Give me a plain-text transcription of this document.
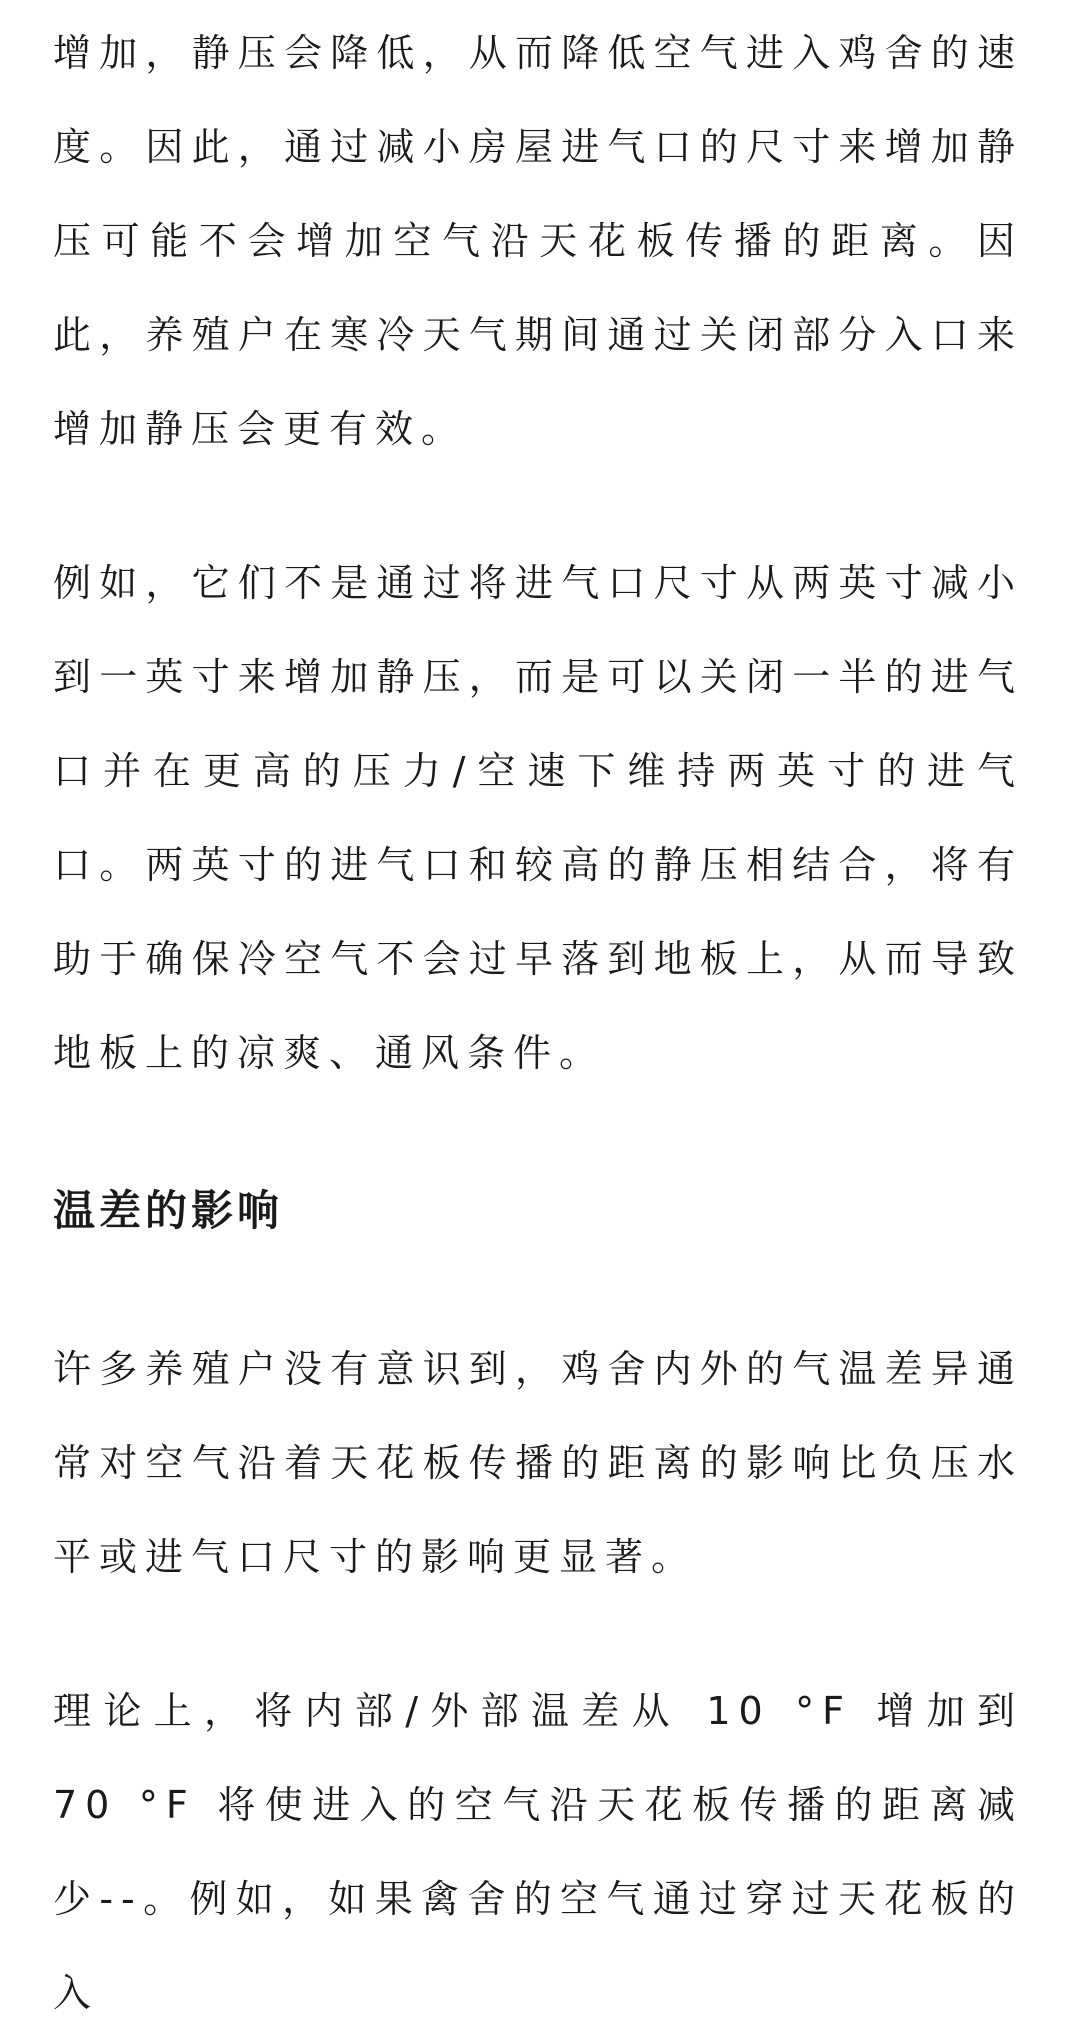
增加，静压会降低，从而降低空气进入鸡舍的速度。因此，通过减小房屋进气口的尺寸来增加静压可能不会增加空气沿天花板传播的距离。因此，养殖户在寒冷天气期间通过关闭部分入口来增加静压会更有效。

例如，它们不是通过将进气口尺寸从两英寸减小到一英寸来增加静压，而是可以关闭一半的进气口并在更高的压力/空速下维持两英寸的进气口。两英寸的进气口和较高的静压相结合，将有助于确保冷空气不会过早落到地板上，从而导致地板上的凉爽、通风条件。

温差的影响

许多养殖户没有意识到，鸡舍内外的气温差异通常对空气沿着天花板传播的距离的影响比负压水平或进气口尺寸的影响更显著。

理论上，将内部/外部温差从 10 °F 增加到 70 °F 将使进入的空气沿天花板传播的距离减少--。例如，如果禽舍的空气通过穿过天花板的入
